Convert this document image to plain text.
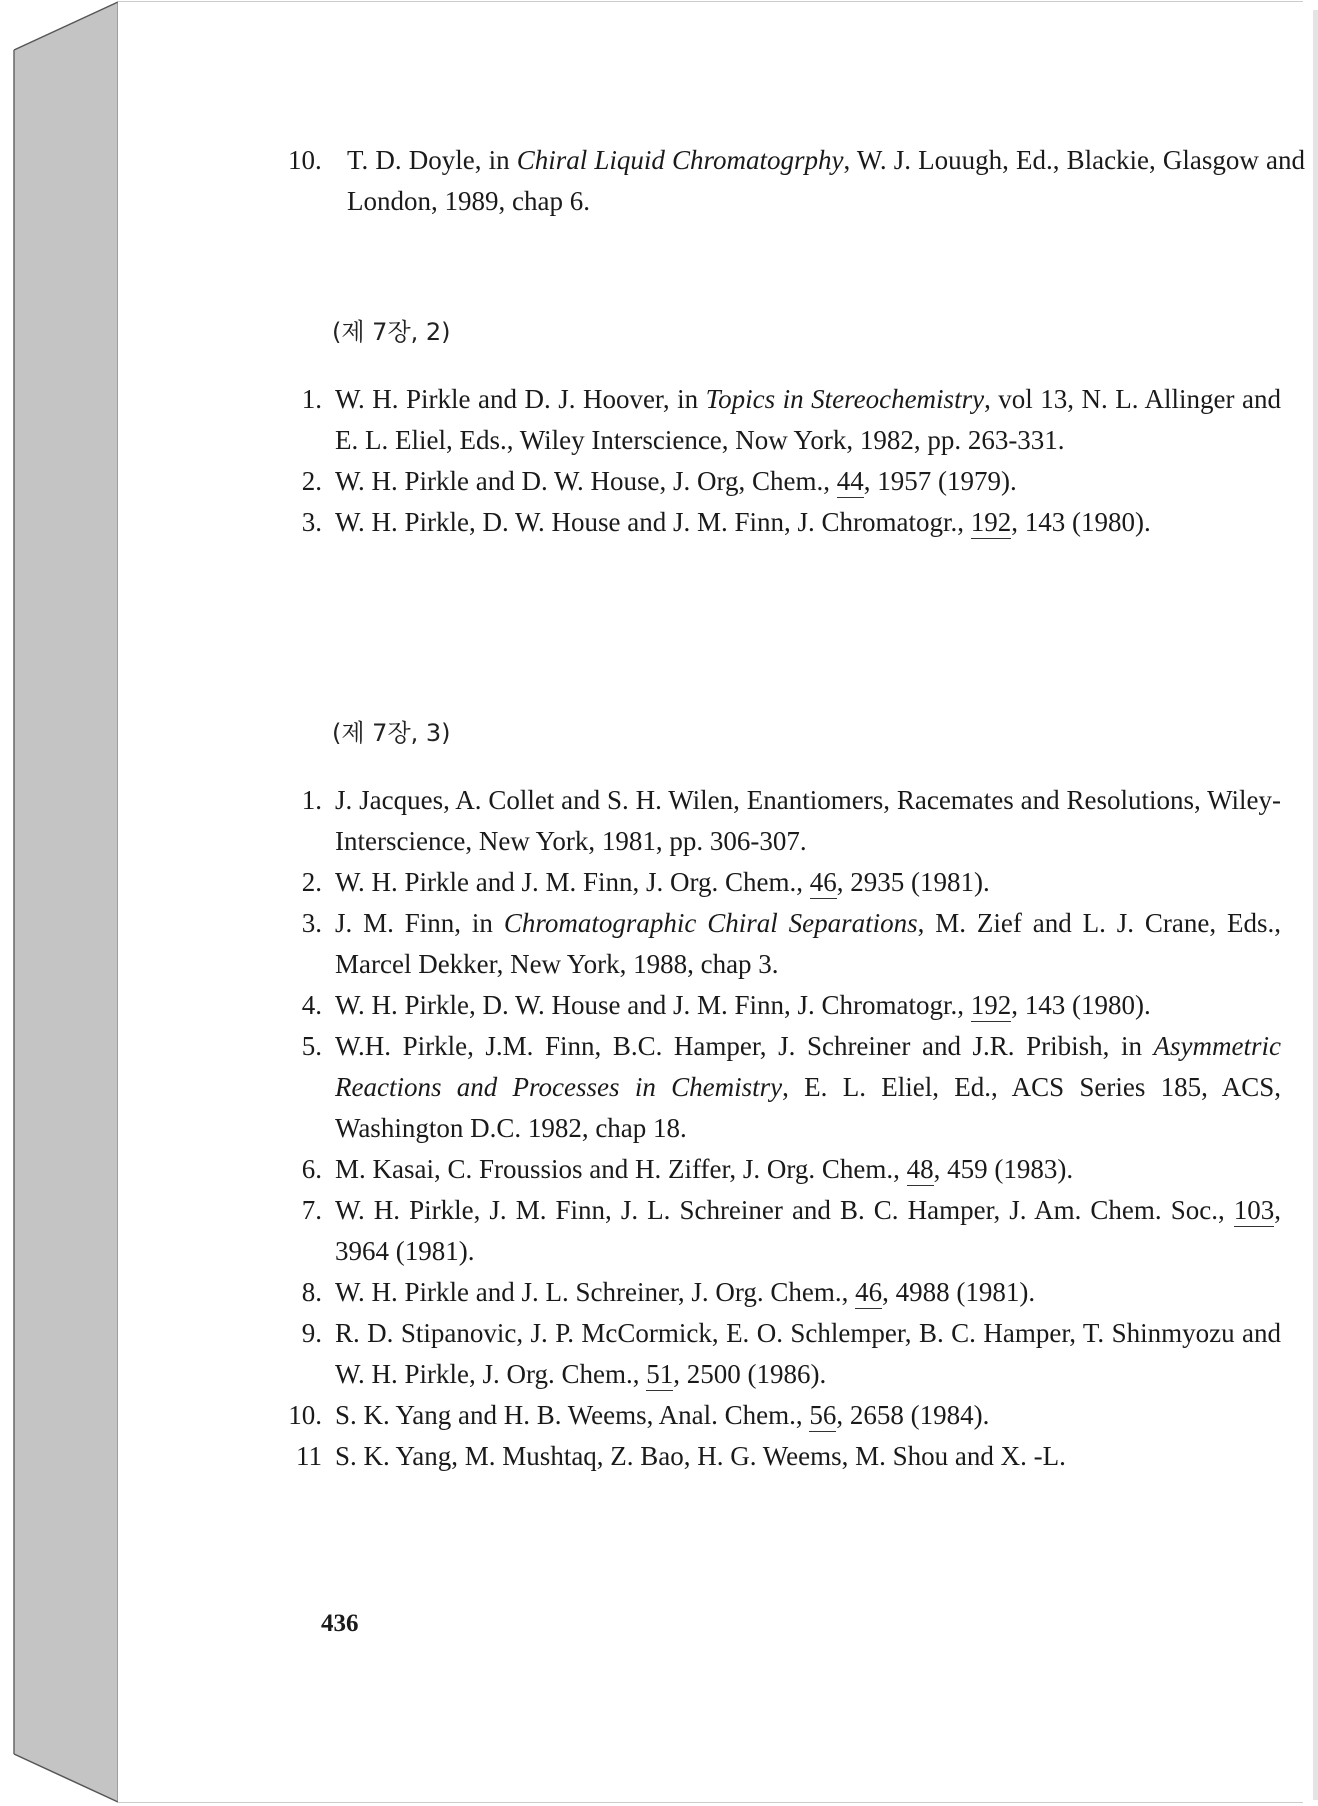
10. T. D. Doyle, in Chiral Liquid Chromatogrphy, W. J. Louugh, Ed., Blackie, Glasgow and London, 1989, chap 6.
(제 7장, 2)
1. W. H. Pirkle and D. J. Hoover, in Topics in Stereochemistry, vol 13, N. L. Allinger and E. L. Eliel, Eds., Wiley Interscience, Now York, 1982, pp. 263-331.
2. W. H. Pirkle and D. W. House, J. Org, Chem., 44, 1957 (1979).
3. W. H. Pirkle, D. W. House and J. M. Finn, J. Chromatogr., 192, 143 (1980).
(제 7장, 3)
1. J. Jacques, A. Collet and S. H. Wilen, Enantiomers, Racemates and Resolutions, Wiley-Interscience, New York, 1981, pp. 306-307.
2. W. H. Pirkle and J. M. Finn, J. Org. Chem., 46, 2935 (1981).
3. J. M. Finn, in Chromatographic Chiral Separations, M. Zief and L. J. Crane, Eds., Marcel Dekker, New York, 1988, chap 3.
4. W. H. Pirkle, D. W. House and J. M. Finn, J. Chromatogr., 192, 143 (1980).
5. W.H. Pirkle, J.M. Finn, B.C. Hamper, J. Schreiner and J.R. Pribish, in Asymmetric Reactions and Processes in Chemistry, E. L. Eliel, Ed., ACS Series 185, ACS, Washington D.C. 1982, chap 18.
6. M. Kasai, C. Froussios and H. Ziffer, J. Org. Chem., 48, 459 (1983).
7. W. H. Pirkle, J. M. Finn, J. L. Schreiner and B. C. Hamper, J. Am. Chem. Soc., 103, 3964 (1981).
8. W. H. Pirkle and J. L. Schreiner, J. Org. Chem., 46, 4988 (1981).
9. R. D. Stipanovic, J. P. McCormick, E. O. Schlemper, B. C. Hamper, T. Shinmyozu and W. H. Pirkle, J. Org. Chem., 51, 2500 (1986).
10. S. K. Yang and H. B. Weems, Anal. Chem., 56, 2658 (1984).
11 S. K. Yang, M. Mushtaq, Z. Bao, H. G. Weems, M. Shou and X. -L.
436
